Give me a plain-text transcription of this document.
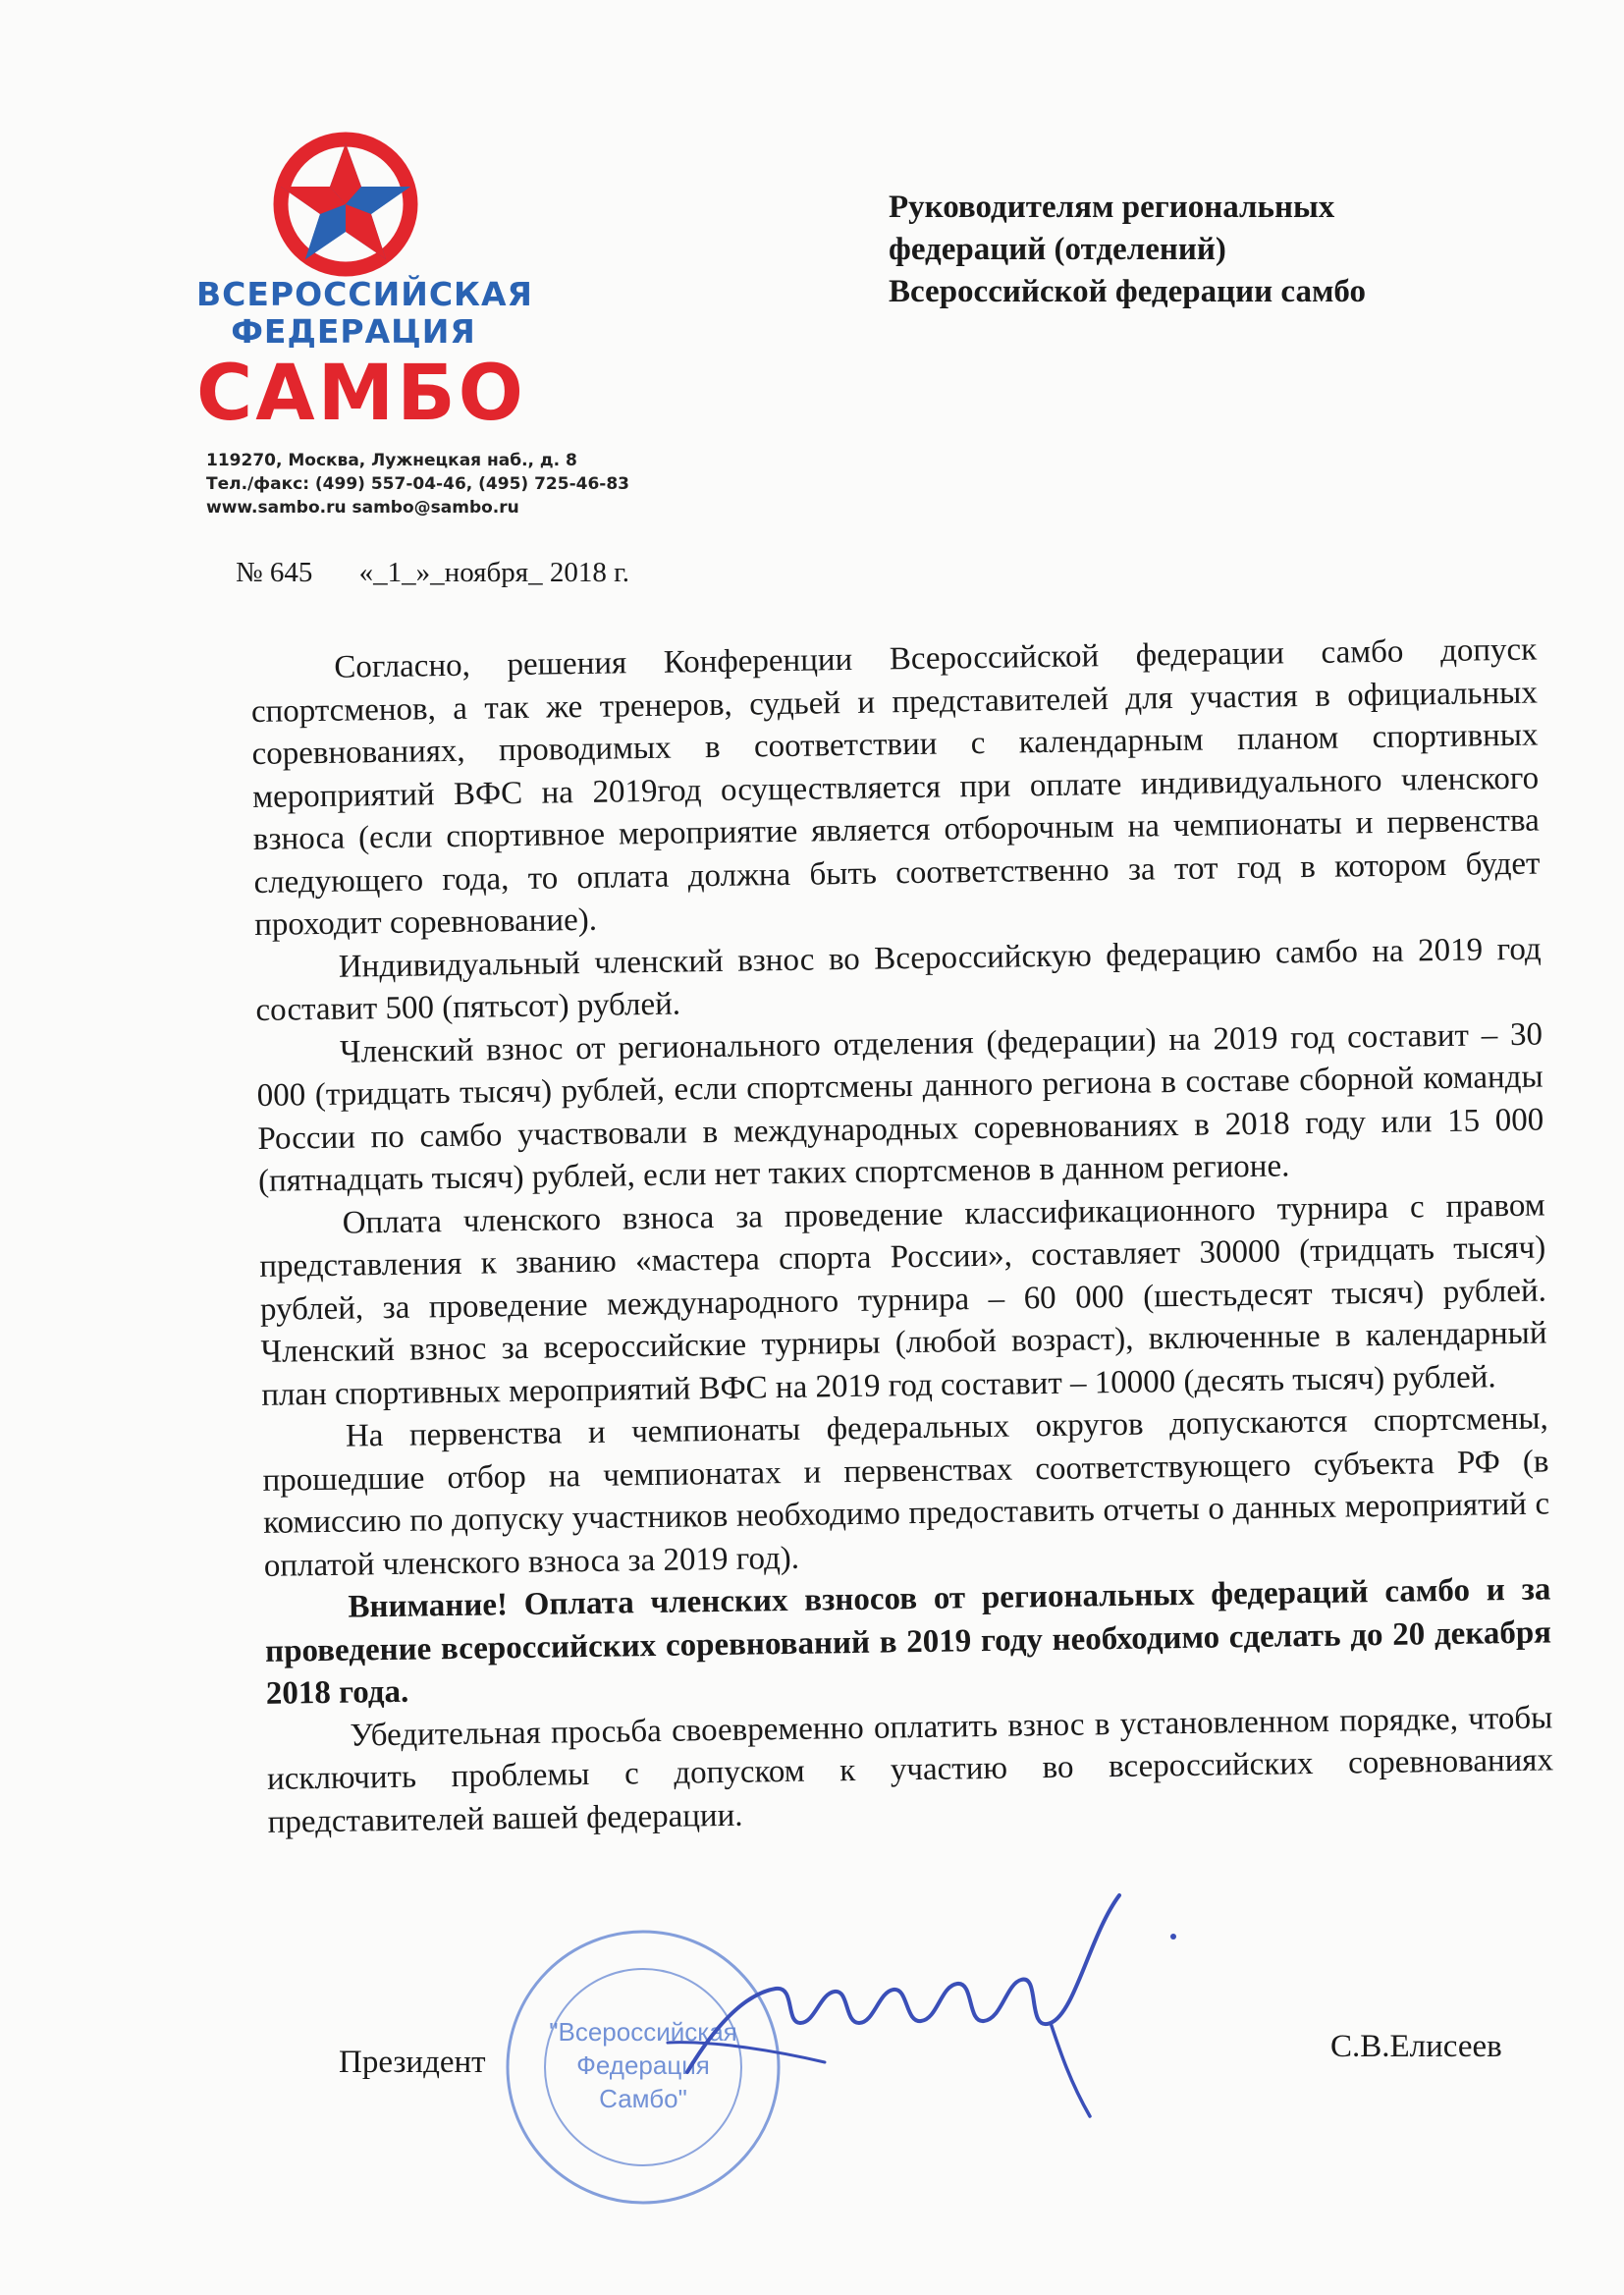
ВСЕРОССИЙСКАЯ
ФЕДЕРАЦИЯ
САМБО
119270, Москва, Лужнецкая наб., д. 8
Тел./факс: (499) 557-04-46, (495) 725-46-83
www.sambo.ru sambo@sambo.ru
Руководителям региональных
федераций (отделений)
Всероссийской федерации самбо
№ 645 «_1_»_ноября_ 2018 г.

Согласно, решения Конференции Всероссийской федерации самбо допуск спортсменов, а так же тренеров, судьей и представителей для участия в официальных соревнованиях, проводимых в соответствии с календарным планом спортивных мероприятий ВФС на 2019год осуществляется при оплате индивидуального членского взноса (если спортивное мероприятие является отборочным на чемпионаты и первенства следующего года, то оплата должна быть соответственно за тот год в котором будет проходит соревнование).

Индивидуальный членский взнос во Всероссийскую федерацию самбо на 2019 год составит 500 (пятьсот) рублей.

Членский взнос от регионального отделения (федерации) на 2019 год составит – 30 000 (тридцать тысяч) рублей, если спортсмены данного региона в составе сборной команды России по самбо участвовали в международных соревнованиях в 2018 году или 15 000 (пятнадцать тысяч) рублей, если нет таких спортсменов в данном регионе.

Оплата членского взноса за проведение классификационного турнира с правом представления к званию «мастера спорта России», составляет 30000 (тридцать тысяч) рублей, за проведение международного турнира – 60 000 (шестьдесят тысяч) рублей. Членский взнос за всероссийские турниры (любой возраст), включенные в календарный план спортивных мероприятий ВФС на 2019 год составит – 10000 (десять тысяч) рублей.

На первенства и чемпионаты федеральных округов допускаются спортсмены, прошедшие отбор на чемпионатах и первенствах соответствующего субъекта РФ (в комиссию по допуску участников необходимо предоставить отчеты о данных мероприятий с оплатой членского взноса за 2019 год).

Внимание! Оплата членских взносов от региональных федераций самбо и за проведение всероссийских соревнований в 2019 году необходимо сделать до 20 декабря 2018 года.

Убедительная просьба своевременно оплатить взнос в установленном порядке, чтобы исключить проблемы с допуском к участию во всероссийских соревнованиях представителей вашей федерации.

"Всероссийская
Федерация
Самбо"
Президент	С.В.Елисеев
